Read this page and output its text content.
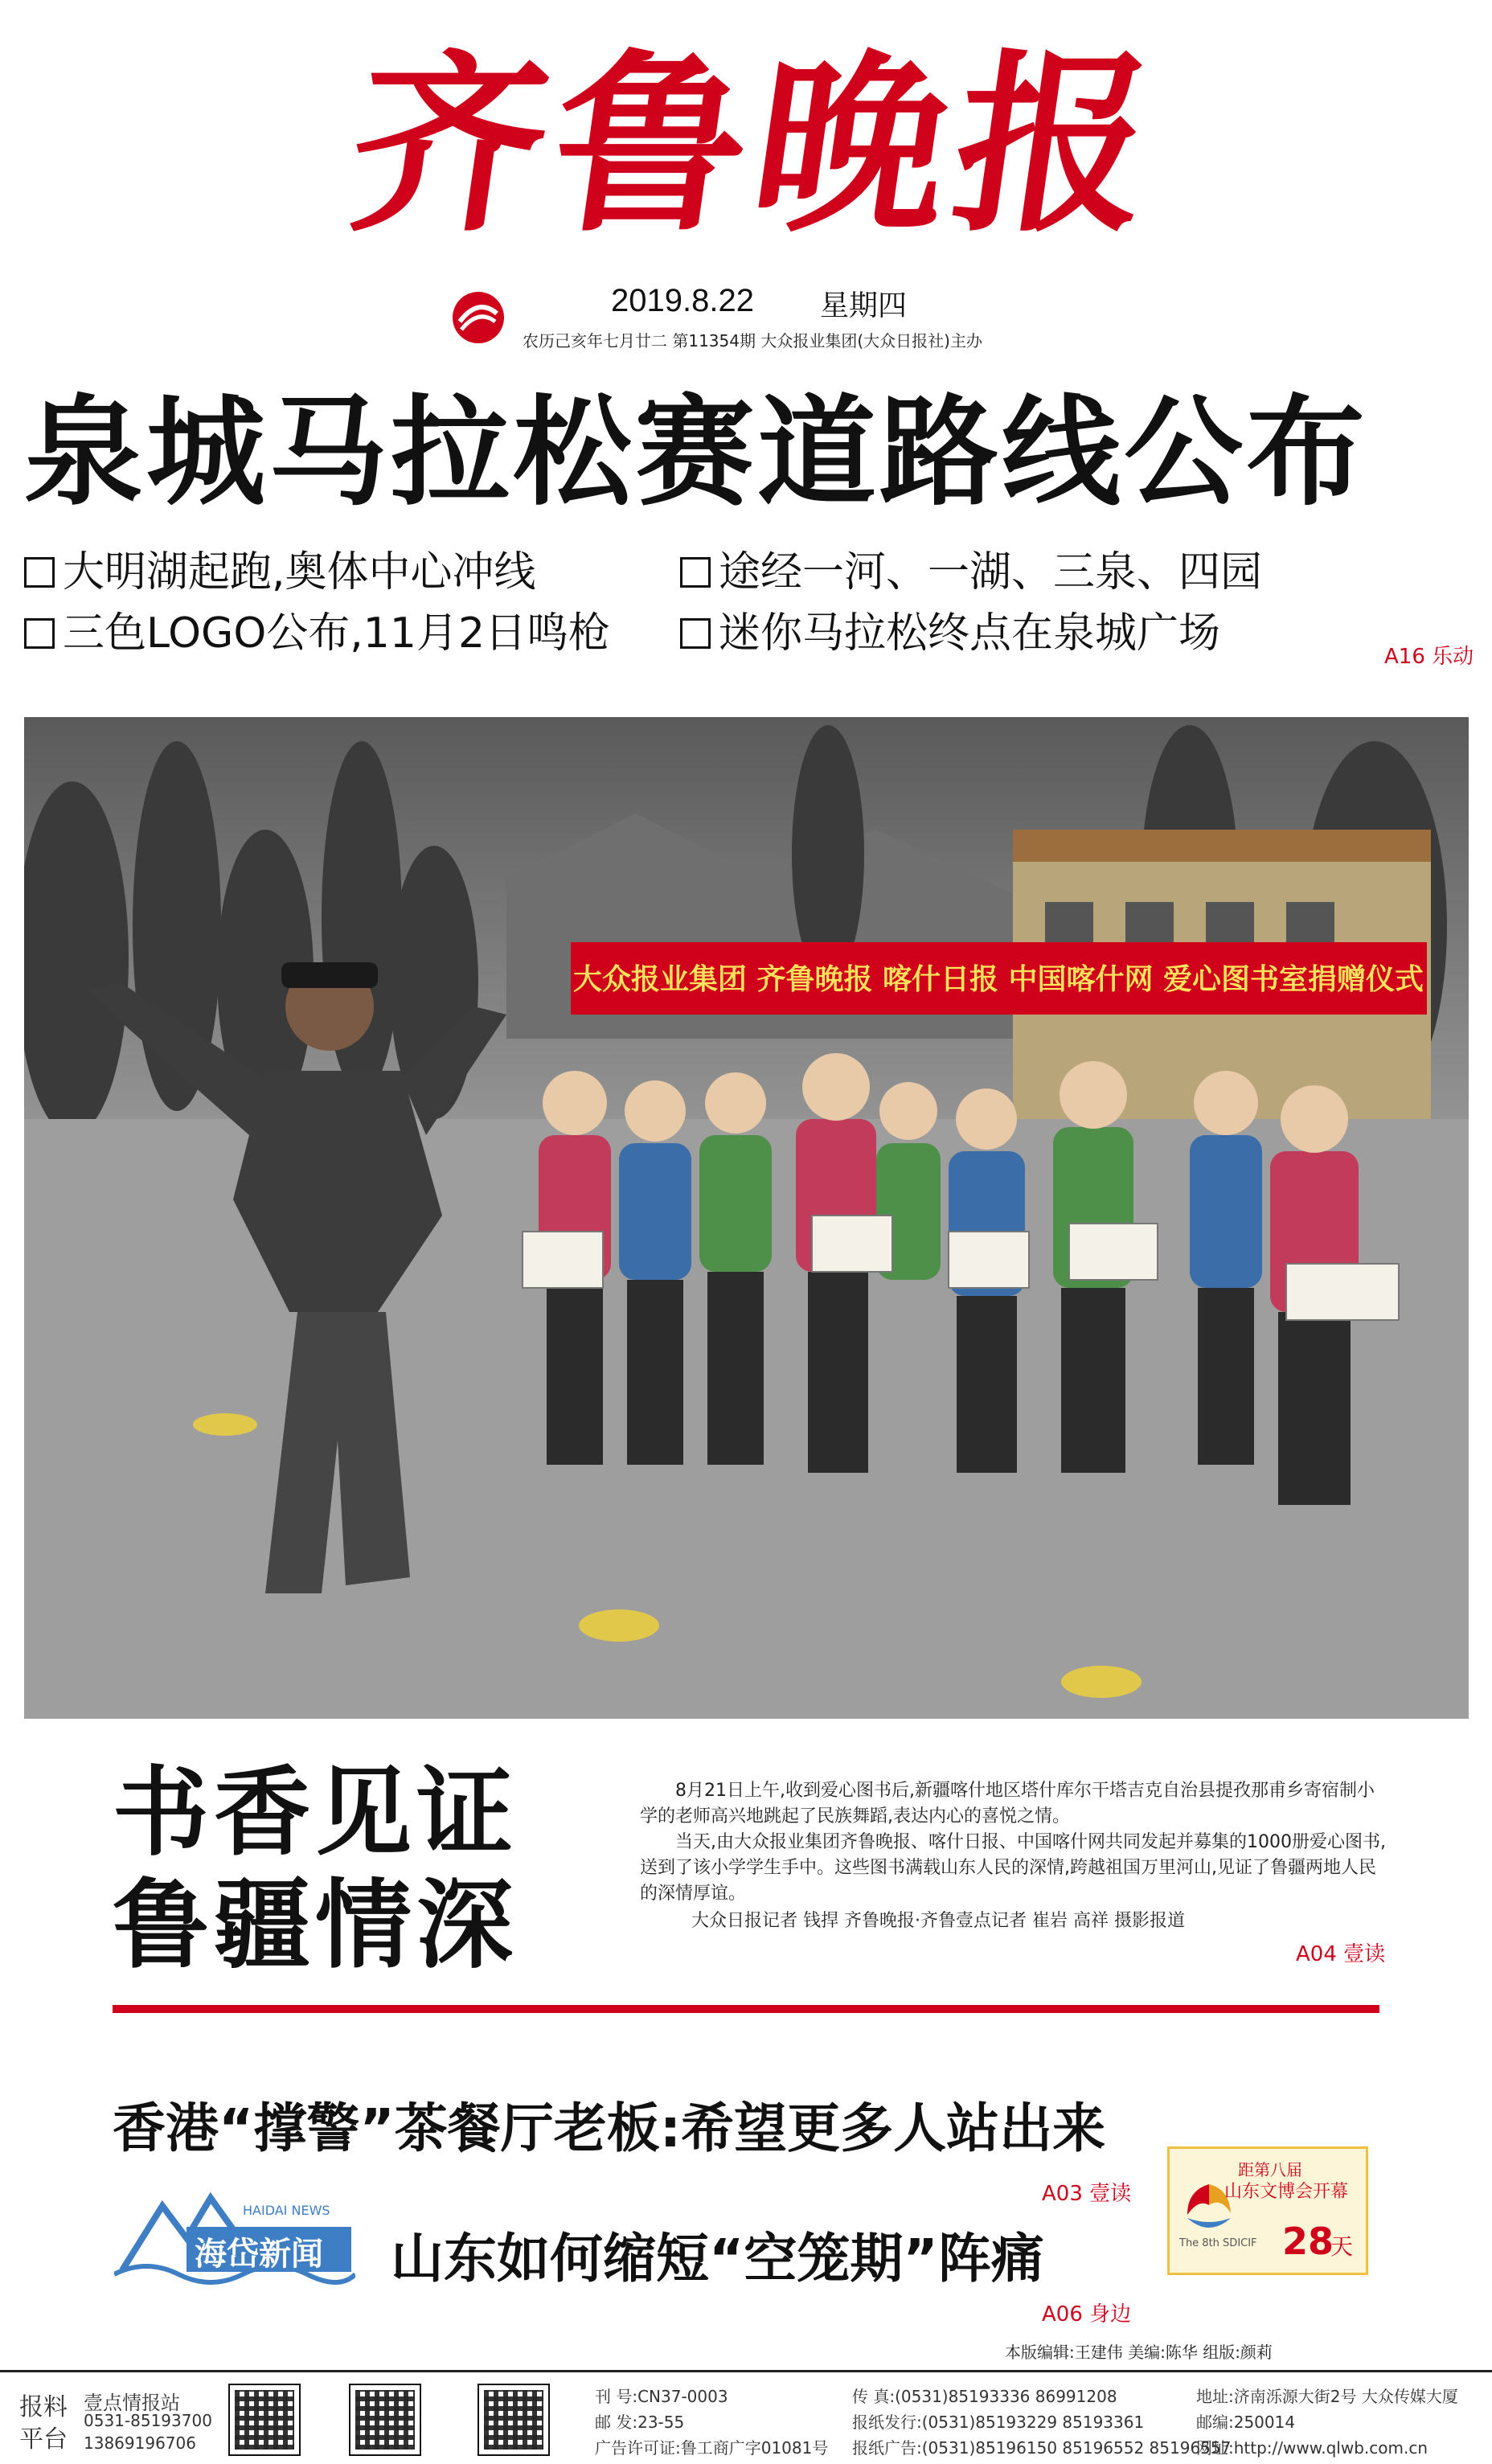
齐鲁晚报
2019.8.22 星期四
农历己亥年七月廿二 第11354期 大众报业集团(大众日报社)主办
泉城马拉松赛道路线公布
大明湖起跑,奥体中心冲线	途经一河、一湖、三泉、四园
三色LOGO公布,11月2日鸣枪	迷你马拉松终点在泉城广场	A16 乐动
大众报业集团 齐鲁晚报 喀什日报 中国喀什网 爱心图书室捐赠仪式
书香见证
鲁疆情深
8月21日上午,收到爱心图书后,新疆喀什地区塔什库尔干塔吉克自治县提孜那甫乡寄宿制小学的老师高兴地跳起了民族舞蹈,表达内心的喜悦之情。
当天,由大众报业集团齐鲁晚报、喀什日报、中国喀什网共同发起并募集的1000册爱心图书,送到了该小学学生手中。这些图书满载山东人民的深情,跨越祖国万里河山,见证了鲁疆两地人民的深情厚谊。
大众日报记者 钱捍 齐鲁晚报·齐鲁壹点记者 崔岩 高祥 摄影报道
A04 壹读
香港“撑警”茶餐厅老板:希望更多人站出来
A03 壹读
海岱新闻
HAIDAI NEWS
山东如何缩短“空笼期”阵痛
A06 身边
距第八届
山东文博会开幕
The 8th SDICIF 28
天
本版编辑:王建伟 美编:陈华 组版:颜莉
报料
平台
壹点情报站
0531-85193700
13869196706
刊 号:CN37-0003
邮 发:23-55
广告许可证:鲁工商广字01081号
传 真:(0531)85193336 86991208
报纸发行:(0531)85193229 85193361
报纸广告:(0531)85196150 85196552 85196557
地址:济南泺源大街2号 大众传媒大厦
邮编:250014
网址:http://www.qlwb.com.cn
